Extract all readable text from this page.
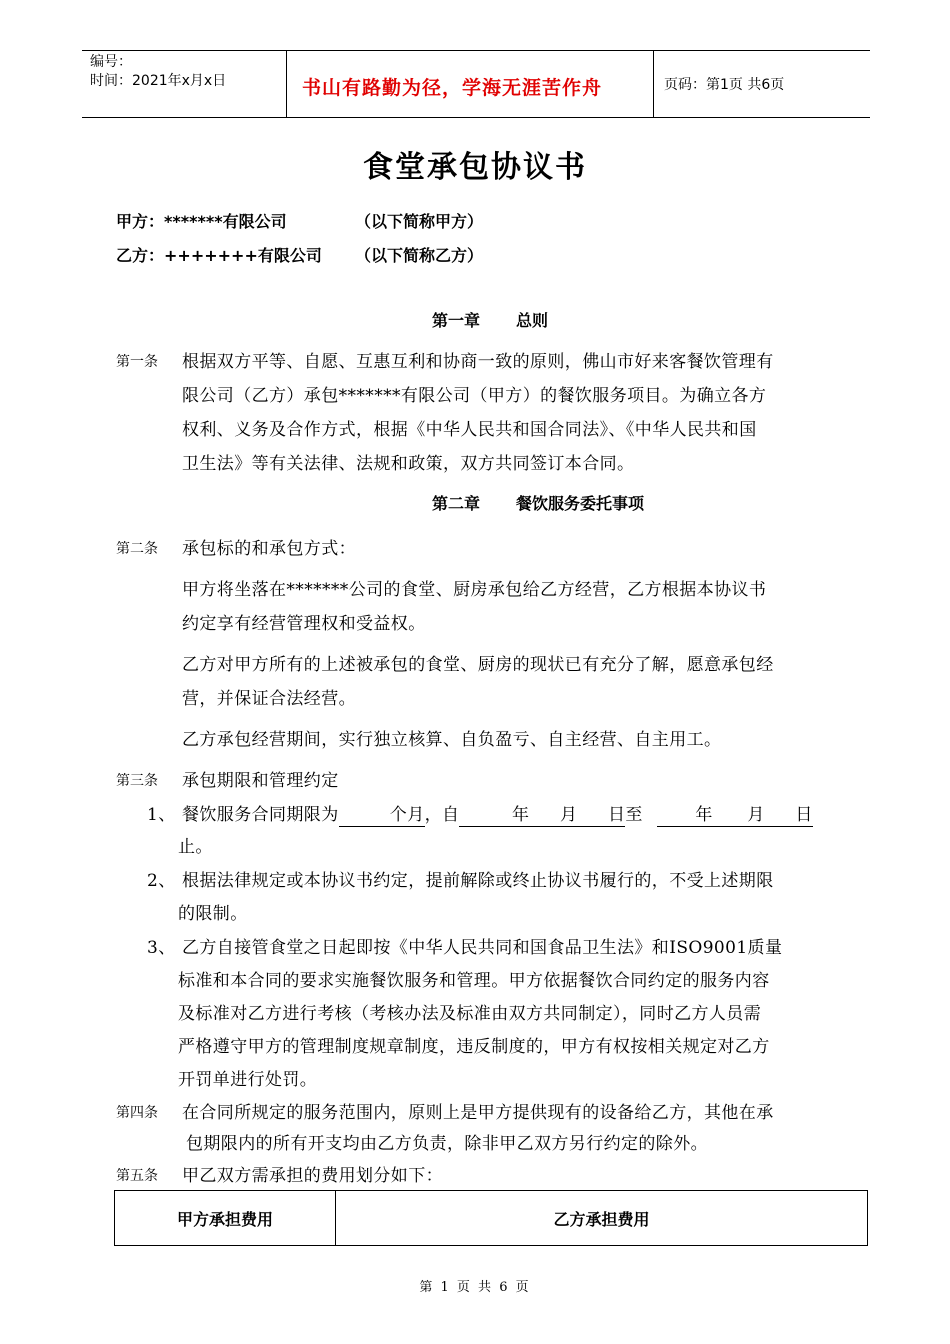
编号：
时间：2021年x月x日	书山有路勤为径，学海无涯苦作舟	页码：第1页 共6页
食堂承包协议书
甲方：*******有限公司	（以下简称甲方）
乙方：+++++++有限公司 （以下简称乙方）
第一章 总则
第一条 根据双方平等、自愿、互惠互利和协商一致的原则，佛山市好来客餐饮管理有
限公司（乙方）承包*******有限公司（甲方）的餐饮服务项目。为确立各方
权利、义务及合作方式，根据《中华人民共和国合同法》、《中华人民共和国
卫生法》等有关法律、法规和政策，双方共同签订本合同。
第二章 餐饮服务委托事项
第二条 承包标的和承包方式：
甲方将坐落在*******公司的食堂、厨房承包给乙方经营，乙方根据本协议书
约定享有经营管理权和受益权。
乙方对甲方所有的上述被承包的食堂、厨房的现状已有充分了解，愿意承包经
营，并保证合法经营。
乙方承包经营期间，实行独立核算、自负盈亏、自主经营、自主用工。
第三条 承包期限和管理约定
1、 餐饮服务合同期限为	个月，自	年 月 日至	年 月 日
止。
2、 根据法律规定或本协议书约定，提前解除或终止协议书履行的，不受上述期限
的限制。
3、 乙方自接管食堂之日起即按《中华人民共同和国食品卫生法》和ISO9001质量
标准和本合同的要求实施餐饮服务和管理。甲方依据餐饮合同约定的服务内容
及标准对乙方进行考核（考核办法及标准由双方共同制定），同时乙方人员需
严格遵守甲方的管理制度规章制度，违反制度的，甲方有权按相关规定对乙方
开罚单进行处罚。
第四条 在合同所规定的服务范围内，原则上是甲方提供现有的设备给乙方，其他在承
包期限内的所有开支均由乙方负责，除非甲乙双方另行约定的除外。
第五条 甲乙双方需承担的费用划分如下：
甲方承担费用	乙方承担费用
第 1 页 共 6 页
